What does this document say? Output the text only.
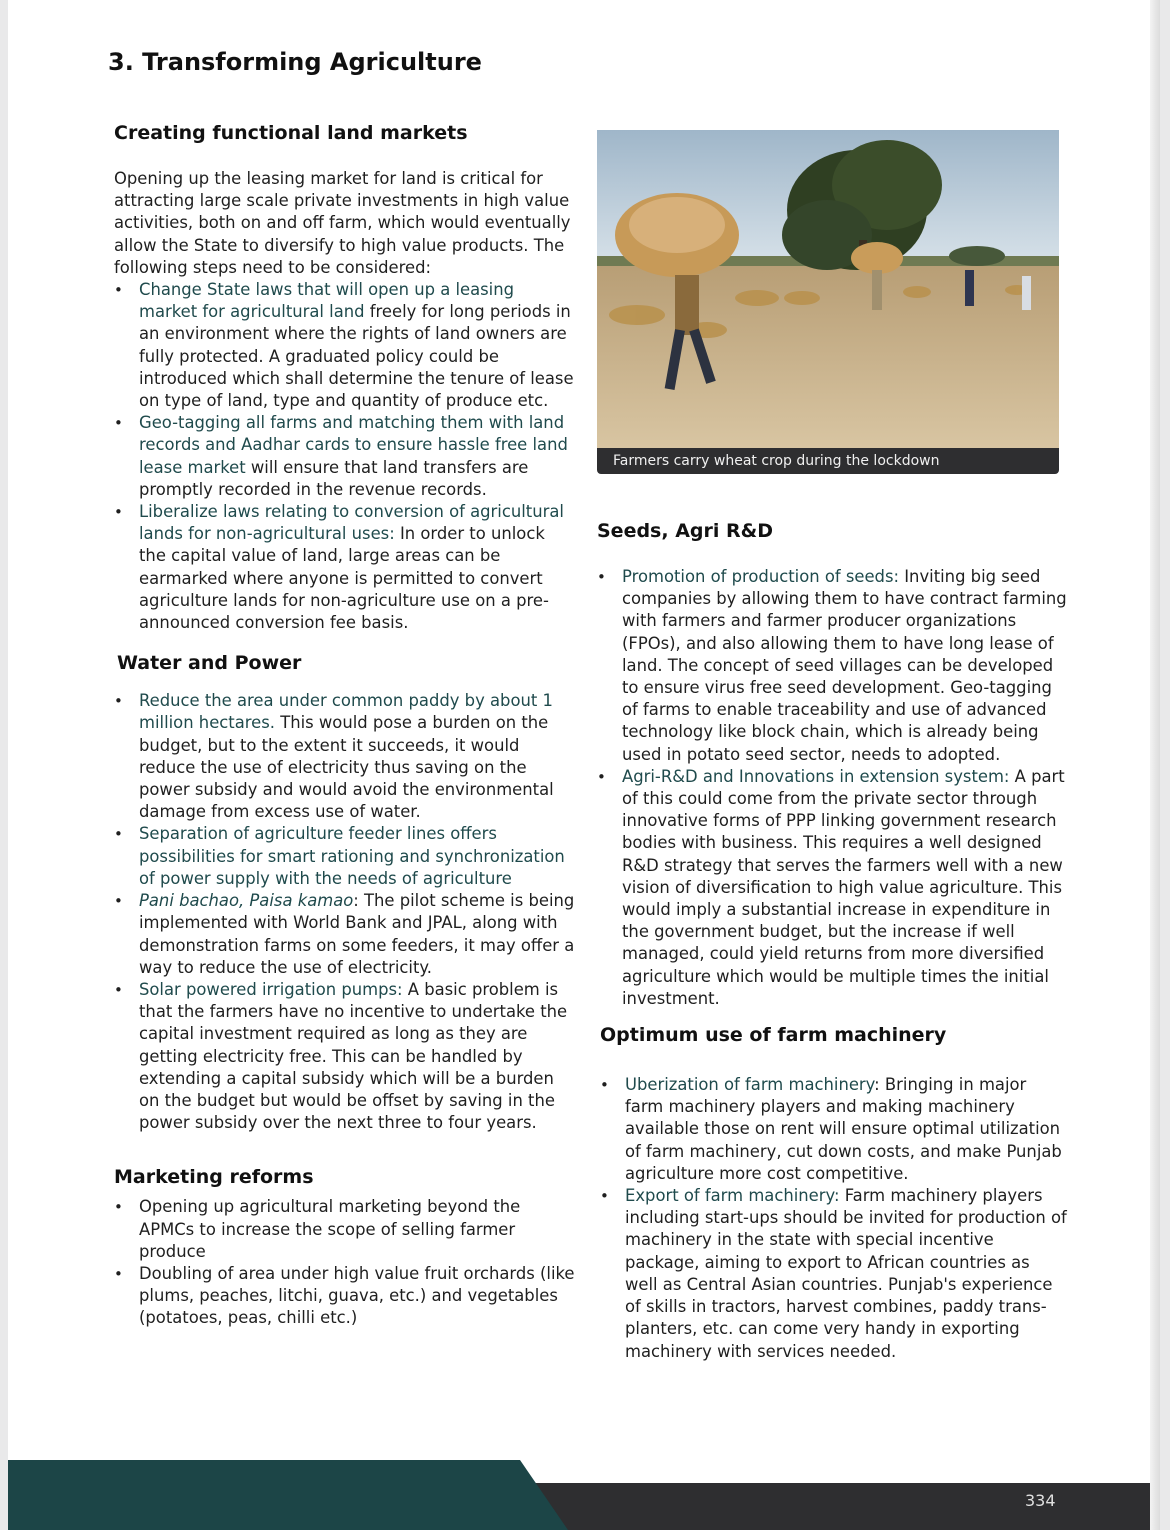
3. Transforming Agriculture
Creating functional land markets

Opening up the leasing market for land is critical for attracting large scale private investments in high value activities, both on and off farm, which would eventually allow the State to diversify to high value products. The following steps need to be considered:

• Change State laws that will open up a leasing market for agricultural land freely for long periods in an environment where the rights of land owners are fully protected. A graduated policy could be introduced which shall determine the tenure of lease on type of land, type and quantity of produce etc.
• Geo-tagging all farms and matching them with land records and Aadhar cards to ensure hassle free land lease market will ensure that land transfers are promptly recorded in the revenue records.
• Liberalize laws relating to conversion of agricultural lands for non-agricultural uses: In order to unlock the capital value of land, large areas can be earmarked where anyone is permitted to convert agriculture lands for non-agriculture use on a pre-announced conversion fee basis.
Water and Power
• Reduce the area under common paddy by about 1 million hectares. This would pose a burden on the budget, but to the extent it succeeds, it would reduce the use of electricity thus saving on the power subsidy and would avoid the environmental damage from excess use of water.
• Separation of agriculture feeder lines offers possibilities for smart rationing and synchronization of power supply with the needs of agriculture
• Pani bachao, Paisa kamao: The pilot scheme is being implemented with World Bank and JPAL, along with demonstration farms on some feeders, it may offer a way to reduce the use of electricity.
• Solar powered irrigation pumps: A basic problem is that the farmers have no incentive to undertake the capital investment required as long as they are getting electricity free. This can be handled by extending a capital subsidy which will be a burden on the budget but would be offset by saving in the power subsidy over the next three to four years.
Marketing reforms
• Opening up agricultural marketing beyond the APMCs to increase the scope of selling farmer produce
• Doubling of area under high value fruit orchards (like plums, peaches, litchi, guava, etc.) and vegetables (potatoes, peas, chilli etc.)
Farmers carry wheat crop during the lockdown
Seeds, Agri R&D
• Promotion of production of seeds: Inviting big seed companies by allowing them to have contract farming with farmers and farmer producer organizations (FPOs), and also allowing them to have long lease of land. The concept of seed villages can be developed to ensure virus free seed development. Geo-tagging of farms to enable traceability and use of advanced technology like block chain, which is already being used in potato seed sector, needs to adopted.
• Agri-R&D and Innovations in extension system: A part of this could come from the private sector through innovative forms of PPP linking government research bodies with business. This requires a well designed R&D strategy that serves the farmers well with a new vision of diversification to high value agriculture. This would imply a substantial increase in expenditure in the government budget, but the increase if well managed, could yield returns from more diversified agriculture which would be multiple times the initial investment.
Optimum use of farm machinery
• Uberization of farm machinery: Bringing in major farm machinery players and making machinery available those on rent will ensure optimal utilization of farm machinery, cut down costs, and make Punjab agriculture more cost competitive.
• Export of farm machinery: Farm machinery players including start-ups should be invited for production of machinery in the state with special incentive package, aiming to export to African countries as well as Central Asian countries. Punjab's experience of skills in tractors, harvest combines, paddy trans-planters, etc. can come very handy in exporting machinery with services needed.
334
